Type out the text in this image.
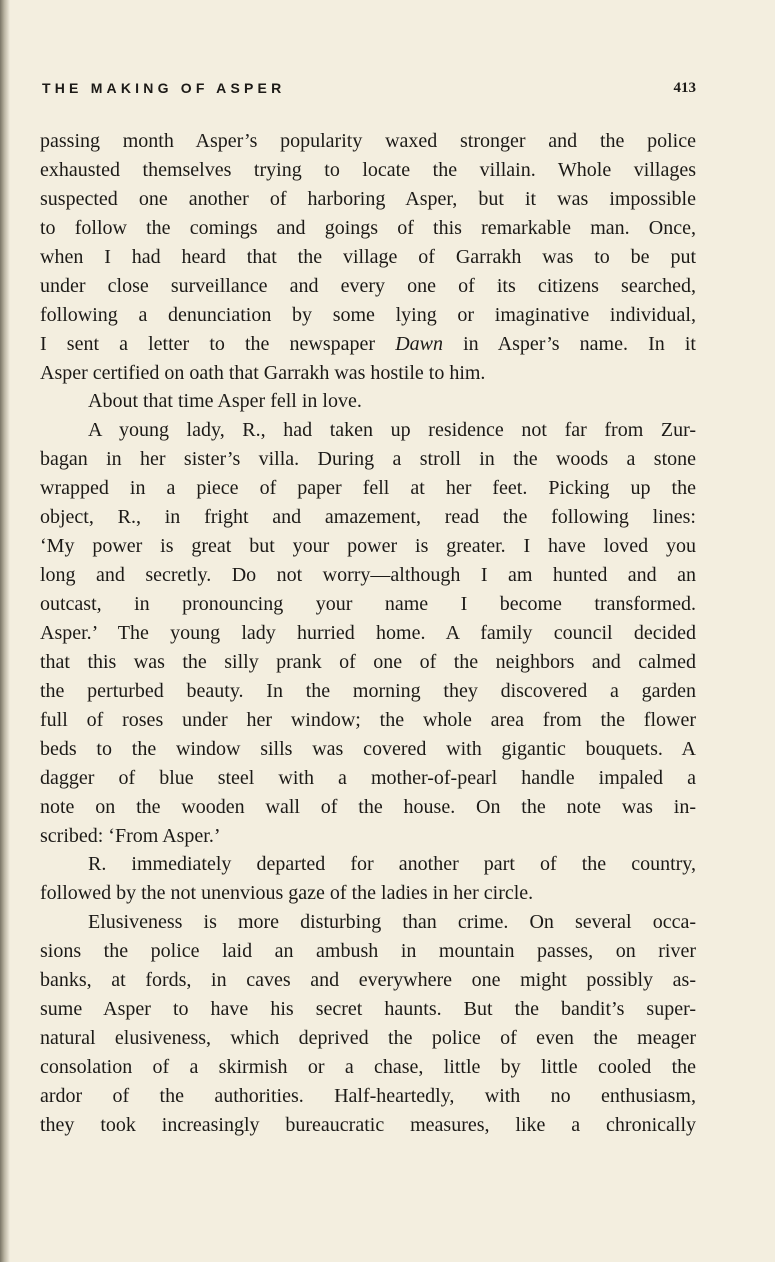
THE MAKING OF ASPER	413
passing month Asper’s popularity waxed stronger and the police
exhausted themselves trying to locate the villain. Whole villages
suspected one another of harboring Asper, but it was impossible
to follow the comings and goings of this remarkable man. Once,
when I had heard that the village of Garrakh was to be put
under close surveillance and every one of its citizens searched,
following a denunciation by some lying or imaginative individual,
I sent a letter to the newspaper Dawn in Asper’s name. In it
Asper certified on oath that Garrakh was hostile to him.
About that time Asper fell in love.
A young lady, R., had taken up residence not far from Zur-
bagan in her sister’s villa. During a stroll in the woods a stone
wrapped in a piece of paper fell at her feet. Picking up the
object, R., in fright and amazement, read the following lines:
‘My power is great but your power is greater. I have loved you
long and secretly. Do not worry—although I am hunted and an
outcast, in pronouncing your name I become transformed.
Asper.’ The young lady hurried home. A family council decided
that this was the silly prank of one of the neighbors and calmed
the perturbed beauty. In the morning they discovered a garden
full of roses under her window; the whole area from the flower
beds to the window sills was covered with gigantic bouquets. A
dagger of blue steel with a mother-of-pearl handle impaled a
note on the wooden wall of the house. On the note was in-
scribed: ‘From Asper.’
R. immediately departed for another part of the country,
followed by the not unenvious gaze of the ladies in her circle.
Elusiveness is more disturbing than crime. On several occa-
sions the police laid an ambush in mountain passes, on river
banks, at fords, in caves and everywhere one might possibly as-
sume Asper to have his secret haunts. But the bandit’s super-
natural elusiveness, which deprived the police of even the meager
consolation of a skirmish or a chase, little by little cooled the
ardor of the authorities. Half-heartedly, with no enthusiasm,
they took increasingly bureaucratic measures, like a chronically
